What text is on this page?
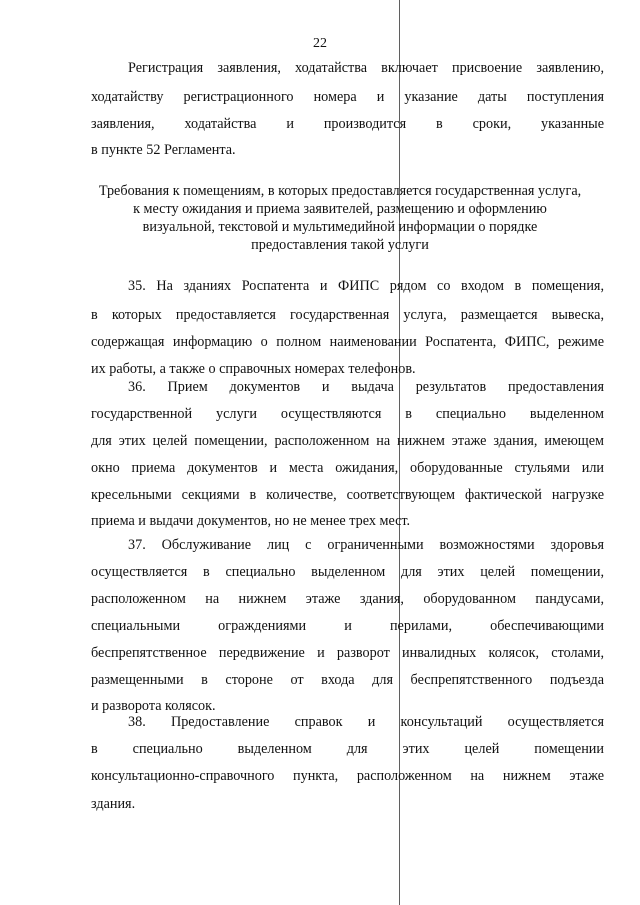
22
Регистрация заявления, ходатайства включает присвоение заявлению,
ходатайству регистрационного номера и указание даты поступления
заявления, ходатайства и производится в сроки, указанные
в пункте 52 Регламента.
Требования к помещениям, в которых предоставляется государственная услуга,
к месту ожидания и приема заявителей, размещению и оформлению
визуальной, текстовой и мультимедийной информации о порядке
предоставления такой услуги
35. На зданиях Роспатента и ФИПС рядом со входом в помещения,
в которых предоставляется государственная услуга, размещается вывеска,
содержащая информацию о полном наименовании Роспатента, ФИПС, режиме
их работы, а также о справочных номерах телефонов.
36. Прием документов и выдача результатов предоставления
государственной услуги осуществляются в специально выделенном
для этих целей помещении, расположенном на нижнем этаже здания, имеющем
окно приема документов и места ожидания, оборудованные стульями или
кресельными секциями в количестве, соответствующем фактической нагрузке
приема и выдачи документов, но не менее трех мест.
37. Обслуживание лиц с ограниченными возможностями здоровья
осуществляется в специально выделенном для этих целей помещении,
расположенном на нижнем этаже здания, оборудованном пандусами,
специальными ограждениями и перилами, обеспечивающими
беспрепятственное передвижение и разворот инвалидных колясок, столами,
размещенными в стороне от входа для беспрепятственного подъезда
и разворота колясок.
38. Предоставление справок и консультаций осуществляется
в специально выделенном для этих целей помещении
консультационно-справочного пункта, расположенном на нижнем этаже
здания.
